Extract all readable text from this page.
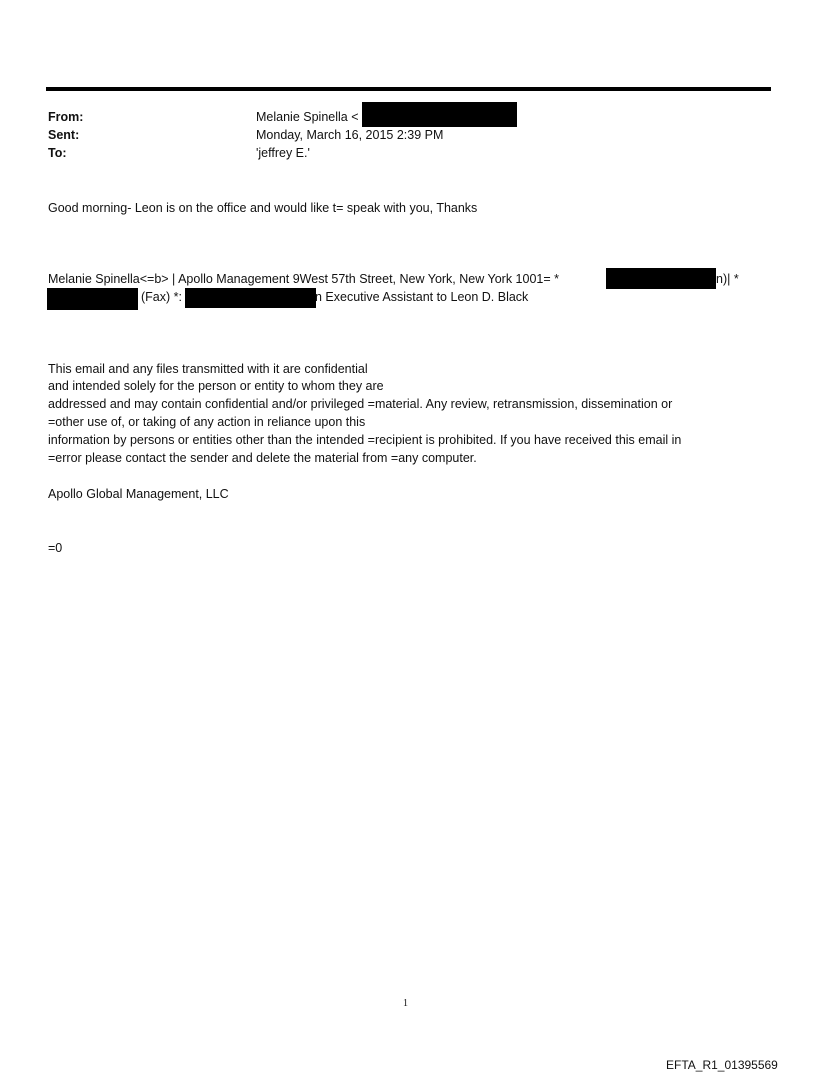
From:	Melanie Spinella <
Sent:	Monday, March 16, 2015 2:39 PM
To:	'jeffrey E.'
Good morning- Leon is on the office and would like t= speak with you, Thanks
Melanie Spinella<=b> | Apollo Management 9West 57th Street, New York, New York 1001= *	n)| *
(Fax) *:	n Executive Assistant to Leon D. Black
This email and any files transmitted with it are confidential
and intended solely for the person or entity to whom they are
addressed and may contain confidential and/or privileged =material. Any review, retransmission, dissemination or
=other use of, or taking of any action in reliance upon this
information by persons or entities other than the intended =recipient is prohibited. If you have received this email in
=error please contact the sender and delete the material from =any computer.
Apollo Global Management, LLC
=0
1
EFTA_R1_01395569
